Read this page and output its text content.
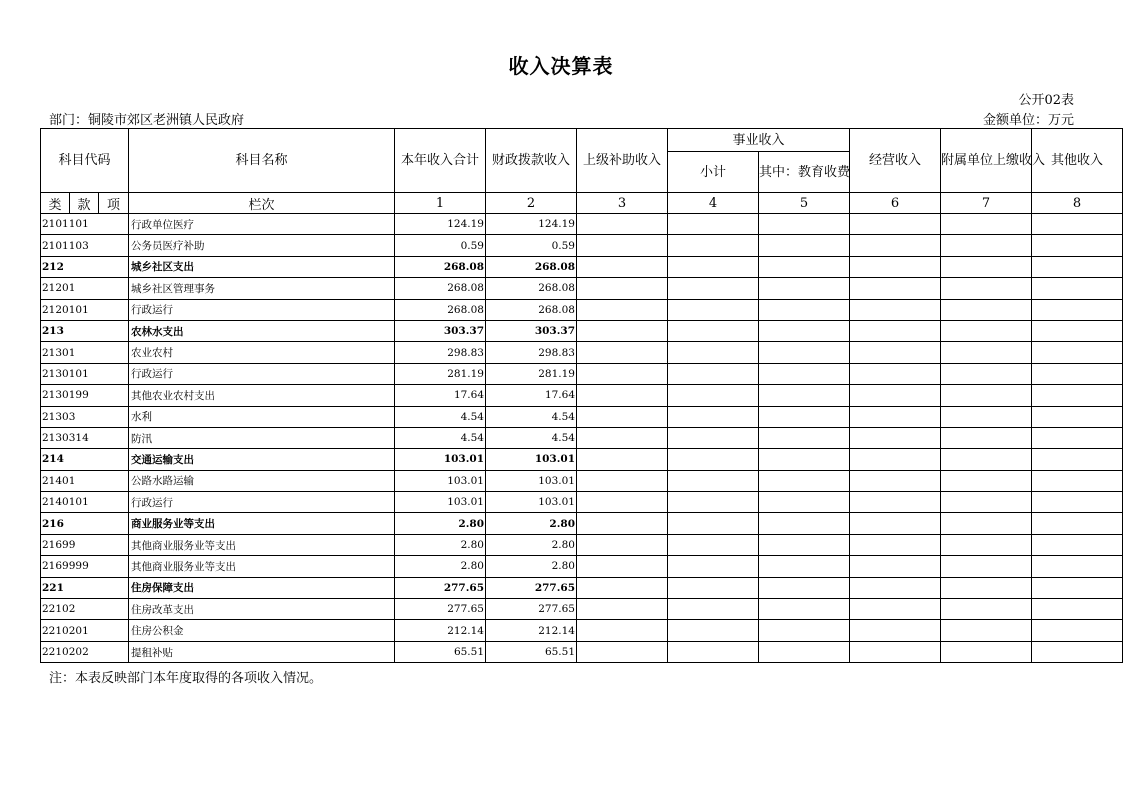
收入决算表
公开02表
部门：铜陵市郊区老洲镇人民政府	金额单位：万元
科目代码			科目名称	本年收入合计	财政拨款收入	上级补助收入	事业收入		经营收入	附属单位上缴收入	其他收入
							小计	其中：教育收费			
类	款	项	栏次	1	2	3	4	5	6	7	8
2101101			行政单位医疗	124.19	124.19						
2101103			公务员医疗补助	0.59	0.59						
212			城乡社区支出	268.08	268.08						
21201			城乡社区管理事务	268.08	268.08						
2120101			行政运行	268.08	268.08						
213			农林水支出	303.37	303.37						
21301			农业农村	298.83	298.83						
2130101			行政运行	281.19	281.19						
2130199			其他农业农村支出	17.64	17.64						
21303			水利	4.54	4.54						
2130314			防汛	4.54	4.54						
214			交通运输支出	103.01	103.01						
21401			公路水路运输	103.01	103.01						
2140101			行政运行	103.01	103.01						
216			商业服务业等支出	2.80	2.80						
21699			其他商业服务业等支出	2.80	2.80						
2169999			其他商业服务业等支出	2.80	2.80						
221			住房保障支出	277.65	277.65						
22102			住房改革支出	277.65	277.65						
2210201			住房公积金	212.14	212.14						
2210202			提租补贴	65.51	65.51						
注：本表反映部门本年度取得的各项收入情况。
